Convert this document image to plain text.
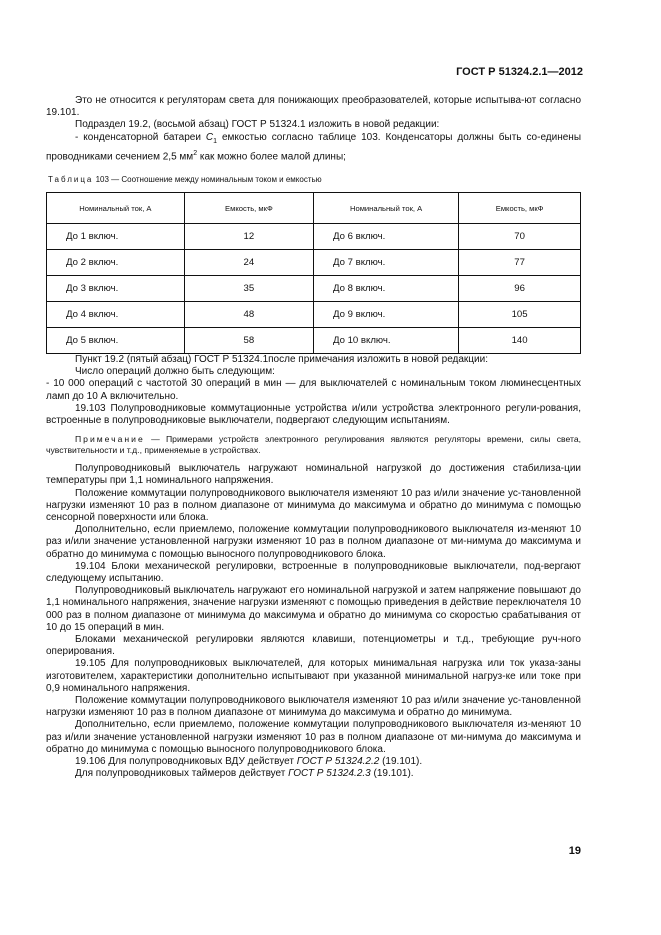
ГОСТ Р 51324.2.1—2012

Это не относится к регуляторам света для понижающих преобразователей, которые испытыва-ют согласно 19.101.

Подраздел 19.2, (восьмой абзац) ГОСТ Р 51324.1 изложить в новой редакции:

- конденсаторной батареи $C_1$ емкостью согласно таблице 103. Конденсаторы должны быть со-единены проводниками сечением 2,5 $мм^2$ как можно более малой длины;

Таблица 103 — Соотношение между номинальным током и емкостью
Номинальный ток, А	Емкость, мкФ	Номинальный ток, А	Емкость, мкФ
До 1 включ.	12	До 6 включ.	70
До 2 включ.	24	До 7 включ.	77
До 3 включ.	35	До 8 включ.	96
До 4 включ.	48	До 9 включ.	105
До 5 включ.	58	До 10 включ.	140

Пункт 19.2 (пятый абзац) ГОСТ Р 51324.1после примечания изложить в новой редакции:

Число операций должно быть следующим:

- 10 000 операций с частотой 30 операций в мин — для выключателей с номинальным током люминесцентных ламп до 10 А включительно.

19.103 Полупроводниковые коммутационные устройства и/или устройства электронного регули-рования, встроенные в полупроводниковые выключатели, подвергают следующим испытаниям.

Примечание — Примерами устройств электронного регулирования являются регуляторы времени, силы света, чувствительности и т.д., применяемые в устройствах.

Полупроводниковый выключатель нагружают номинальной нагрузкой до достижения стабилиза-ции температуры при 1,1 номинального напряжения.

Положение коммутации полупроводникового выключателя изменяют 10 раз и/или значение ус-тановленной нагрузки изменяют 10 раз в полном диапазоне от минимума до максимума и обратно до минимума с помощью сенсорной поверхности или блока.

Дополнительно, если приемлемо, положение коммутации полупроводникового выключателя из-меняют 10 раз и/или значение установленной нагрузки изменяют 10 раз в полном диапазоне от ми-нимума до максимума и обратно до минимума с помощью выносного полупроводникового блока.

19.104 Блоки механической регулировки, встроенные в полупроводниковые выключатели, под-вергают следующему испытанию.

Полупроводниковый выключатель нагружают его номинальной нагрузкой и затем напряжение повышают до 1,1 номинального напряжения, значение нагрузки изменяют с помощью приведения в действие переключателя 10 000 раз в полном диапазоне от минимума до максимума и обратно до минимума со скоростью срабатывания от 10 до 15 операций в мин.

Блоками механической регулировки являются клавиши, потенциометры и т.д., требующие руч-ного оперирования.

19.105 Для полупроводниковых выключателей, для которых минимальная нагрузка или ток указа-заны изготовителем, характеристики дополнительно испытывают при указанной минимальной нагруз-ке или токе при 0,9 номинального напряжения.

Положение коммутации полупроводникового выключателя изменяют 10 раз и/или значение ус-тановленной нагрузки изменяют 10 раз в полном диапазоне от минимума до максимума и обратно до минимума.

Дополнительно, если приемлемо, положение коммутации полупроводникового выключателя из-меняют 10 раз и/или значение установленной нагрузки изменяют 10 раз в полном диапазоне от ми-нимума до максимума и обратно до минимума с помощью выносного полупроводникового блока.

19.106 Для полупроводниковых ВДУ действует ГОСТ Р 51324.2.2 (19.101).

Для полупроводниковых таймеров действует ГОСТ Р 51324.2.3 (19.101).

19
